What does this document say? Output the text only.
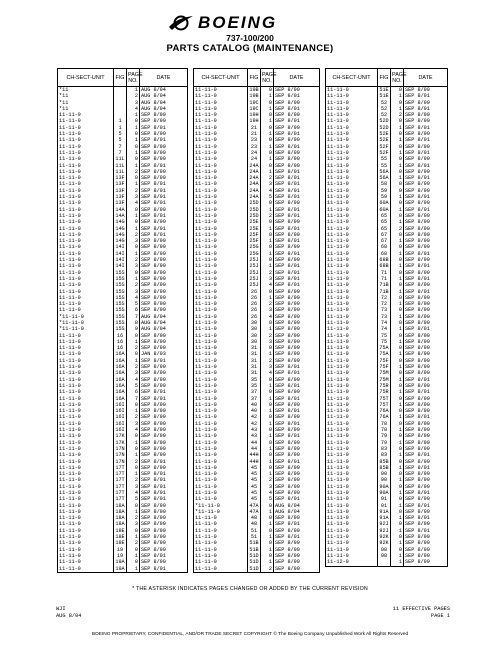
BOEING
737-100/200
PARTS CATALOG (MAINTENANCE)
CH-SECT-UNIT	FIG	PAGE NO.	DATE
*11		1	AUG 8/04
*11		2	AUG 8/04
*11		3	AUG 8/04
*11		4	AUG 8/04
11-11-0		1	SEP 8/99
11-11-0	1	0	SEP 8/99
11-11-0	1	1	SEP 8/01
11-11-0	5	0	SEP 8/99
11-11-0	5	1	SEP 8/01
11-11-0	7	0	SEP 8/99
11-11-0	7	1	SEP 8/99
11-11-0	11L	0	SEP 8/99
11-11-0	11L	1	SEP 8/01
11-11-0	11L	2	SEP 8/99
11-11-0	13F	0	SEP 8/99
11-11-0	13F	1	SEP 8/01
11-11-0	13F	2	SEP 8/01
11-11-0	13F	3	SEP 8/01
11-11-0	13F	4	SEP 8/01
11-11-0	14A	0	SEP 8/99
11-11-0	14A	1	SEP 8/01
11-11-0	14G	0	SEP 8/99
11-11-0	14G	1	SEP 8/01
11-11-0	14G	2	SEP 8/01
11-11-0	14G	3	SEP 8/99
11-11-0	14I	0	SEP 8/99
11-11-0	14I	1	SEP 8/99
11-11-0	14I	2	SEP 8/99
11-11-0	14I	3	SEP 8/99
11-11-0	15S	0	SEP 8/99
11-11-0	15S	1	SEP 8/99
11-11-0	15S	2	SEP 8/99
11-11-0	15S	3	SEP 8/99
11-11-0	15S	4	SEP 8/99
11-11-0	15S	5	SEP 8/99
11-11-0	15S	6	SEP 8/99
*11-11-0	15S	7	AUG 8/04
*11-11-0	15S	8	AUG 8/04
*11-11-0	15S	9	AUG 8/04
11-11-0	16	0	SEP 8/99
11-11-0	16	1	SEP 8/99
11-11-0	16	2	SEP 8/99
11-11-0	16A	0	JAN 8/03
11-11-0	16A	1	SEP 8/01
11-11-0	16A	2	SEP 8/99
11-11-0	16A	3	SEP 8/99
11-11-0	16A	4	SEP 8/99
11-11-0	16A	5	SEP 8/99
11-11-0	16A	6	SEP 8/01
11-11-0	16A	7	SEP 8/01
11-11-0	16I	0	SEP 8/99
11-11-0	16I	1	SEP 8/99
11-11-0	16I	2	SEP 8/99
11-11-0	16I	3	SEP 8/99
11-11-0	16I	4	SEP 8/99
11-11-0	17K	0	SEP 8/99
11-11-0	17K	1	SEP 8/99
11-11-0	17N	0	SEP 8/99
11-11-0	17N	1	SEP 8/99
11-11-0	17N	2	SEP 8/01
11-11-0	17T	0	SEP 8/99
11-11-0	17T	1	SEP 8/01
11-11-0	17T	2	SEP 8/01
11-11-0	17T	3	SEP 8/01
11-11-0	17T	4	SEP 8/01
11-11-0	17T	5	SEP 8/01
11-11-0	18A	0	SEP 8/99
11-11-0	18A	1	SEP 8/99
11-11-0	18A	2	SEP 8/99
11-11-0	18A	3	SEP 8/99
11-11-0	18E	0	SEP 8/99
11-11-0	18E	1	SEP 8/99
11-11-0	18E	2	SEP 8/99
11-11-0	19	0	SEP 8/99
11-11-0	19	1	SEP 8/01
11-11-0	19A	0	SEP 8/99
11-11-0	19A	1	SEP 8/01
CH-SECT-UNIT	FIG	PAGE NO.	DATE
11-11-0	19B	0	SEP 8/99
11-11-0	19B	1	SEP 8/01
11-11-0	19C	0	SEP 8/99
11-11-0	19C	1	SEP 8/01
11-11-0	19H	0	SEP 8/99
11-11-0	19H	1	SEP 8/01
11-11-0	21	0	SEP 8/99
11-11-0	21	1	SEP 8/01
11-11-0	23	0	SEP 8/99
11-11-0	23	1	SEP 8/01
11-11-0	24	0	SEP 8/99
11-11-0	24	1	SEP 8/99
11-11-0	24A	0	SEP 8/99
11-11-0	24A	1	SEP 8/01
11-11-0	24A	2	SEP 8/01
11-11-0	24A	3	SEP 8/01
11-11-0	24A	4	SEP 8/01
11-11-0	24A	5	SEP 8/01
11-11-0	25D	0	SEP 8/99
11-11-0	25D	1	SEP 8/01
11-11-0	25D	2	SEP 8/01
11-11-0	25E	0	SEP 8/99
11-11-0	25E	1	SEP 8/01
11-11-0	25F	0	SEP 8/99
11-11-0	25F	1	SEP 8/01
11-11-0	25G	0	SEP 8/99
11-11-0	25G	1	SEP 8/01
11-11-0	25J	0	SEP 8/99
11-11-0	25J	1	SEP 8/01
11-11-0	25J	2	SEP 8/01
11-11-0	25J	3	SEP 8/01
11-11-0	25J	4	SEP 8/01
11-11-0	26	0	SEP 8/99
11-11-0	26	1	SEP 8/99
11-11-0	26	2	SEP 8/99
11-11-0	26	3	SEP 8/99
11-11-0	26	4	SEP 8/99
11-11-0	30	0	SEP 8/99
11-11-0	30	1	SEP 8/99
11-11-0	30	2	SEP 8/99
11-11-0	30	3	SEP 8/99
11-11-0	31	0	SEP 8/99
11-11-0	31	1	SEP 8/99
11-11-0	31	2	SEP 8/99
11-11-0	31	3	SEP 8/01
11-11-0	31	4	SEP 8/01
11-11-0	35	0	SEP 8/99
11-11-0	35	1	SEP 8/01
11-11-0	37	0	SEP 8/99
11-11-0	37	1	SEP 8/01
11-11-0	40	0	SEP 8/99
11-11-0	40	1	SEP 8/01
11-11-0	42	0	SEP 8/99
11-11-0	42	1	SEP 8/01
11-11-0	43	0	SEP 8/99
11-11-0	43	1	SEP 8/01
11-11-0	44	0	SEP 8/99
11-11-0	44	1	SEP 8/99
11-11-0	44H	0	SEP 8/99
11-11-0	44H	1	SEP 8/01
11-11-0	45	0	SEP 8/99
11-11-0	45	1	SEP 8/99
11-11-0	45	2	SEP 8/99
11-11-0	45	3	SEP 8/99
11-11-0	45	4	SEP 8/99
11-11-0	45	5	SEP 8/01
*11-11-0	47A	0	AUG 8/04
*11-11-0	47A	1	AUG 8/04
11-11-0	48	0	SEP 8/99
11-11-0	48	1	SEP 8/01
11-11-0	51	0	SEP 8/99
11-11-0	51	1	SEP 8/01
11-11-0	51B	0	SEP 8/99
11-11-0	51B	1	SEP 8/99
11-11-0	51D	0	SEP 8/99
11-11-0	51D	1	SEP 8/99
11-11-0	51D	2	SEP 8/99
CH-SECT-UNIT	FIG	PAGE NO.	DATE
11-11-0	51E	0	SEP 8/99
11-11-0	51E	1	SEP 8/01
11-11-0	52	0	SEP 8/99
11-11-0	52	1	SEP 8/01
11-11-0	52	2	SEP 8/99
11-11-0	52D	0	SEP 8/99
11-11-0	52D	1	SEP 8/01
11-11-0	52E	0	SEP 8/99
11-11-0	52E	1	SEP 8/01
11-11-0	52F	0	SEP 8/99
11-11-0	52F	1	SEP 8/01
11-11-0	55	0	SEP 8/99
11-11-0	55	1	SEP 8/01
11-11-0	56A	0	SEP 8/99
11-11-0	56A	1	SEP 8/01
11-11-0	58	0	SEP 8/99
11-11-0	59	0	SEP 8/99
11-11-0	59	1	SEP 8/01
11-11-0	60A	0	SEP 8/99
11-11-0	60A	1	SEP 8/01
11-11-0	65	0	SEP 8/99
11-11-0	65	1	SEP 8/99
11-11-0	65	2	SEP 8/99
11-11-0	67	0	SEP 8/99
11-11-0	67	1	SEP 8/99
11-11-0	68	0	SEP 8/99
11-11-0	68	1	SEP 8/01
11-11-0	68B	0	SEP 8/99
11-11-0	68B	1	SEP 8/01
11-11-0	71	0	SEP 8/99
11-11-0	71	1	SEP 8/01
11-11-0	71B	0	SEP 8/99
11-11-0	71B	1	SEP 8/01
11-11-0	72	0	SEP 8/99
11-11-0	72	1	SEP 8/99
11-11-0	73	0	SEP 8/99
11-11-0	73	1	SEP 8/99
11-11-0	74	0	SEP 8/99
11-11-0	74	1	SEP 8/01
11-11-0	75	0	SEP 8/99
11-11-0	75	1	SEP 8/99
11-11-0	75A	0	SEP 8/99
11-11-0	75A	1	SEP 8/99
11-11-0	75F	0	SEP 8/99
11-11-0	75F	1	SEP 8/99
11-11-0	75M	0	SEP 8/99
11-11-0	75M	1	SEP 8/01
11-11-0	75R	0	SEP 8/99
11-11-0	75R	1	SEP 8/01
11-11-0	75T	0	SEP 8/99
11-11-0	75T	1	SEP 8/99
11-11-0	76A	0	SEP 8/99
11-11-0	76A	1	SEP 8/01
11-11-0	78	0	SEP 8/99
11-11-0	78	1	SEP 8/99
11-11-0	79	0	SEP 8/99
11-11-0	79	1	SEP 8/99
11-11-0	83	0	SEP 8/99
11-11-0	83	1	SEP 8/01
11-11-0	85B	0	SEP 8/99
11-11-0	85B	1	SEP 8/01
11-11-0	90	0	SEP 8/99
11-11-0	90	1	SEP 8/99
11-11-0	90A	0	SEP 8/99
11-11-0	90A	1	SEP 8/01
11-11-0	91	0	SEP 8/99
11-11-0	91	1	SEP 8/01
11-11-0	91A	0	SEP 8/99
11-11-0	91A	1	SEP 8/01
11-11-0	92J	0	SEP 8/99
11-11-0	92J	1	SEP 8/01
11-11-0	92K	0	SEP 8/99
11-11-0	92K	1	SEP 8/99
11-11-0	98	0	SEP 8/99
11-11-0	98	1	SEP 8/99
11-12-0		1	SEP 8/99
* THE ASTERISK INDICATES PAGES CHANGED OR ADDED BY THE CURRENT REVISION
WJI
AUG 8/04
11 EFFECTIVE PAGES
PAGE 1
BOEING PROPRIETARY, CONFIDENTIAL, AND/OR TRADE SECRET COPYRIGHT © The Boeing Company Unpublished Work All Rights Reserved
